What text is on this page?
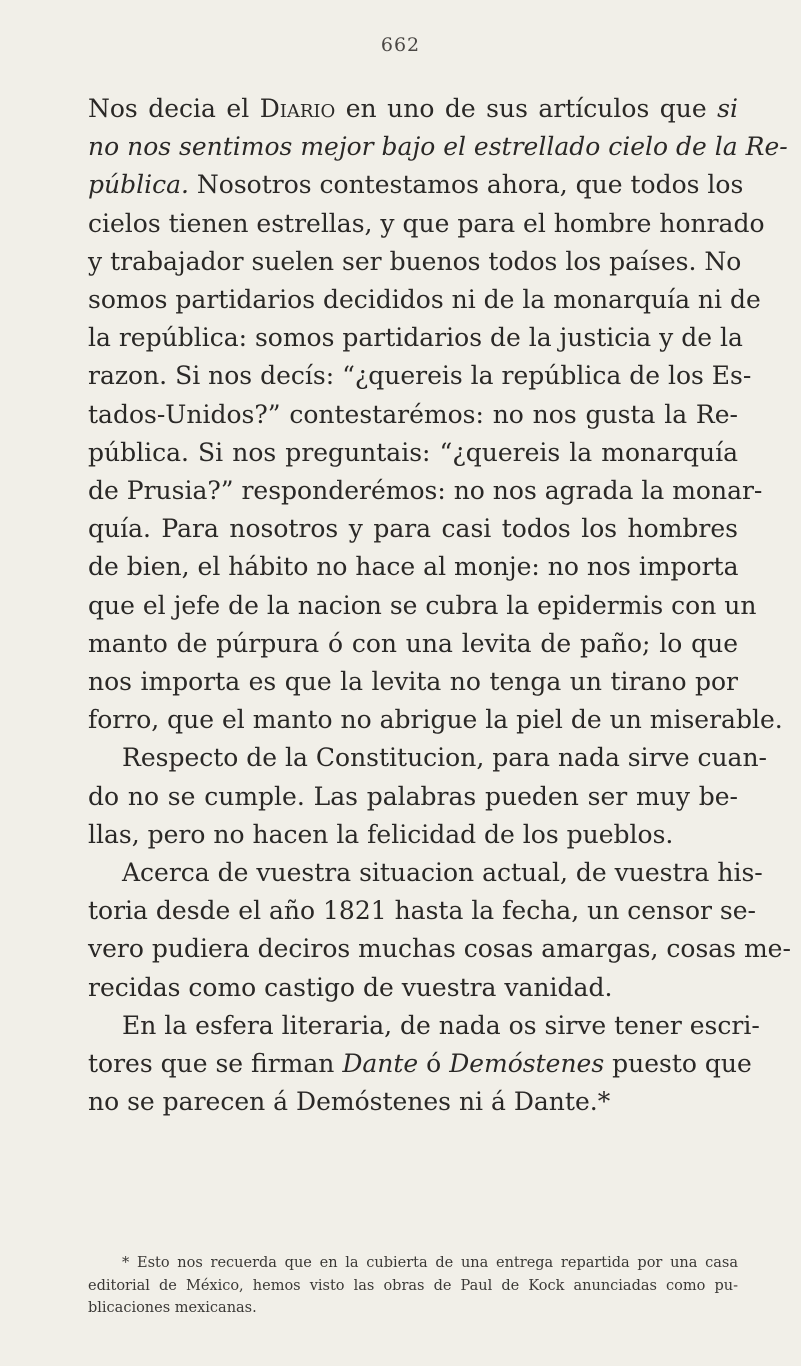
662
Nos decia el Diario en uno de sus artículos que si
no nos sentimos mejor bajo el estrellado cielo de la Re-
pública. Nosotros contestamos ahora, que todos los
cielos tienen estrellas, y que para el hombre honrado
y trabajador suelen ser buenos todos los países. No
somos partidarios decididos ni de la monarquía ni de
la república: somos partidarios de la justicia y de la
razon. Si nos decís: “¿quereis la república de los Es-
tados-Unidos?” contestarémos: no nos gusta la Re-
pública. Si nos preguntais: “¿quereis la monarquía
de Prusia?” responderémos: no nos agrada la monar-
quía. Para nosotros y para casi todos los hombres
de bien, el hábito no hace al monje: no nos importa
que el jefe de la nacion se cubra la epidermis con un
manto de púrpura ó con una levita de paño; lo que
nos importa es que la levita no tenga un tirano por
forro, que el manto no abrigue la piel de un miserable.
Respecto de la Constitucion, para nada sirve cuan-
do no se cumple. Las palabras pueden ser muy be-
llas, pero no hacen la felicidad de los pueblos.
Acerca de vuestra situacion actual, de vuestra his-
toria desde el año 1821 hasta la fecha, un censor se-
vero pudiera deciros muchas cosas amargas, cosas me-
recidas como castigo de vuestra vanidad.
En la esfera literaria, de nada os sirve tener escri-
tores que se firman Dante ó Demóstenes puesto que
no se parecen á Demóstenes ni á Dante.*
* Esto nos recuerda que en la cubierta de una entrega repartida por una casa
editorial de México, hemos visto las obras de Paul de Kock anunciadas como pu-
blicaciones mexicanas.
